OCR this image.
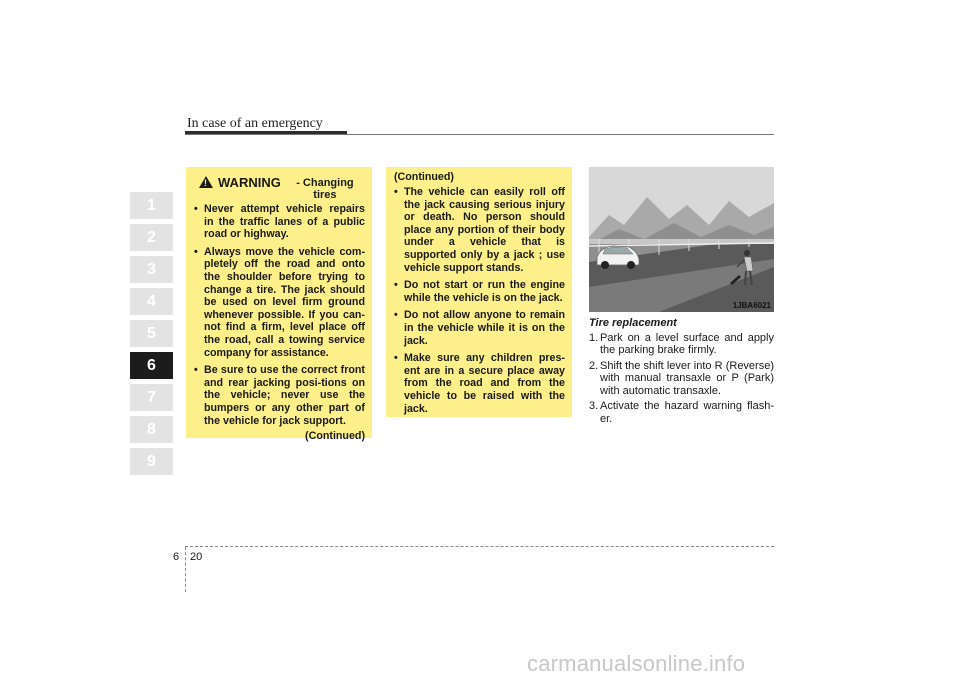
In case of an emergency
1
2
3
4
5
6
7
8
9
!
WARNING	- Changing tires
• Never attempt vehicle repairs in the traffic lanes of a public road or highway.
• Always move the vehicle com-pletely off the road and onto the shoulder before trying to change a tire. The jack should be used on level firm ground whenever possible. If you can-not find a firm, level place off the road, call a towing service company for assistance.
• Be sure to use the correct front and rear jacking posi-tions on the vehicle; never use the bumpers or any other part of the vehicle for jack support.
(Continued)
(Continued)
• The vehicle can easily roll off the jack causing serious injury or death. No person should place any portion of their body under a vehicle that is supported only by a jack ; use vehicle support stands.
• Do not start or run the engine while the vehicle is on the jack.
• Do not allow anyone to remain in the vehicle while it is on the jack.
• Make sure any children pres-ent are in a secure place away from the road and from the vehicle to be raised with the jack.
1JBA6021
Tire replacement
1. Park on a level surface and apply the parking brake firmly.
2. Shift the shift lever into R (Reverse) with manual transaxle or P (Park) with automatic transaxle.
3. Activate the hazard warning flash-er.
6 20
carmanualsonline.info
